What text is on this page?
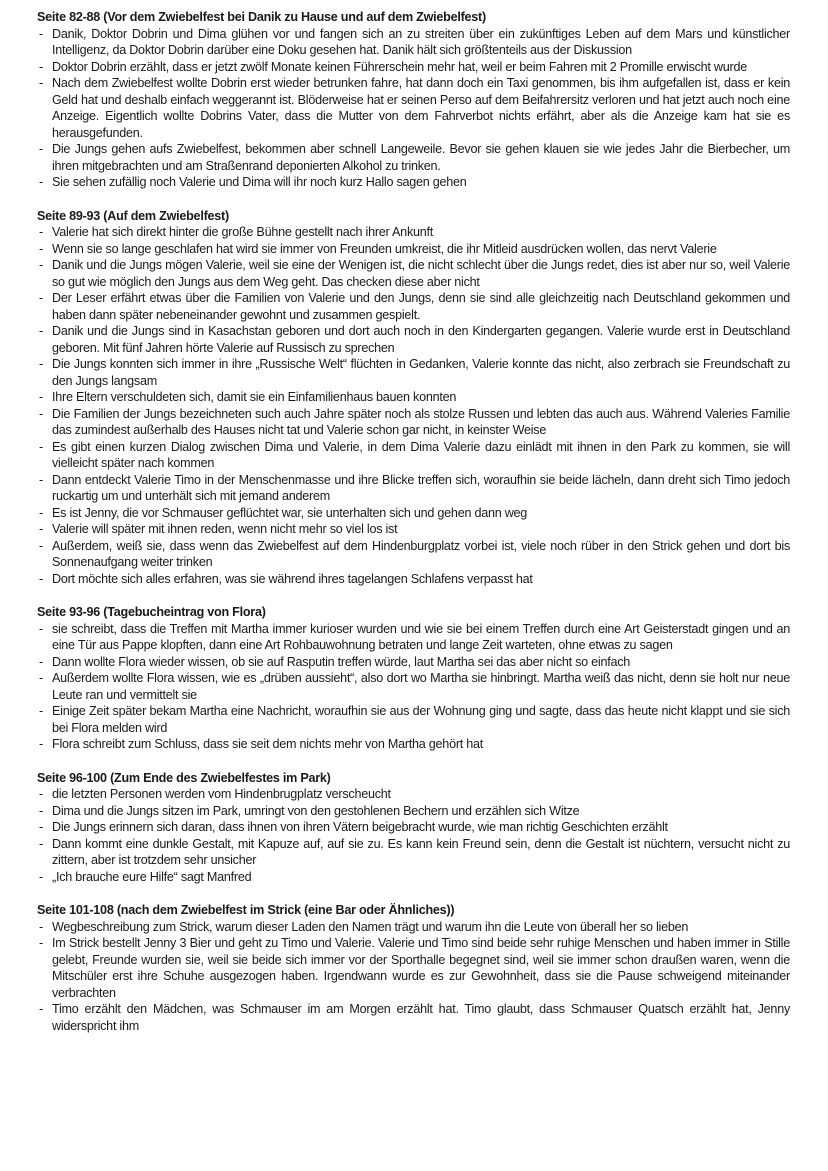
Seite 82-88 (Vor dem Zwiebelfest bei Danik zu Hause und auf dem Zwiebelfest)

- Danik, Doktor Dobrin und Dima glühen vor und fangen sich an zu streiten über ein zukünftiges Leben auf dem Mars und künstlicher Intelligenz, da Doktor Dobrin darüber eine Doku gesehen hat. Danik hält sich größtenteils aus der Diskussion
- Doktor Dobrin erzählt, dass er jetzt zwölf Monate keinen Führerschein mehr hat, weil er beim Fahren mit 2 Promille erwischt wurde
- Nach dem Zwiebelfest wollte Dobrin erst wieder betrunken fahre, hat dann doch ein Taxi genommen, bis ihm aufgefallen ist, dass er kein Geld hat und deshalb einfach weggerannt ist. Blöderweise hat er seinen Perso auf dem Beifahrersitz verloren und hat jetzt auch noch eine Anzeige. Eigentlich wollte Dobrins Vater, dass die Mutter von dem Fahrverbot nichts erfährt, aber als die Anzeige kam hat sie es herausgefunden.
- Die Jungs gehen aufs Zwiebelfest, bekommen aber schnell Langeweile. Bevor sie gehen klauen sie wie jedes Jahr die Bierbecher, um ihren mitgebrachten und am Straßenrand deponierten Alkohol zu trinken.
- Sie sehen zufällig noch Valerie und Dima will ihr noch kurz Hallo sagen gehen

Seite 89-93 (Auf dem Zwiebelfest)

- Valerie hat sich direkt hinter die große Bühne gestellt nach ihrer Ankunft
- Wenn sie so lange geschlafen hat wird sie immer von Freunden umkreist, die ihr Mitleid ausdrücken wollen, das nervt Valerie
- Danik und die Jungs mögen Valerie, weil sie eine der Wenigen ist, die nicht schlecht über die Jungs redet, dies ist aber nur so, weil Valerie so gut wie möglich den Jungs aus dem Weg geht. Das checken diese aber nicht
- Der Leser erfährt etwas über die Familien von Valerie und den Jungs, denn sie sind alle gleichzeitig nach Deutschland gekommen und haben dann später nebeneinander gewohnt und zusammen gespielt.
- Danik und die Jungs sind in Kasachstan geboren und dort auch noch in den Kindergarten gegangen. Valerie wurde erst in Deutschland geboren. Mit fünf Jahren hörte Valerie auf Russisch zu sprechen
- Die Jungs konnten sich immer in ihre „Russische Welt“ flüchten in Gedanken, Valerie konnte das nicht, also zerbrach sie Freundschaft zu den Jungs langsam
- Ihre Eltern verschuldeten sich, damit sie ein Einfamilienhaus bauen konnten
- Die Familien der Jungs bezeichneten such auch Jahre später noch als stolze Russen und lebten das auch aus. Während Valeries Familie das zumindest außerhalb des Hauses nicht tat und Valerie schon gar nicht, in keinster Weise
- Es gibt einen kurzen Dialog zwischen Dima und Valerie, in dem Dima Valerie dazu einlädt mit ihnen in den Park zu kommen, sie will vielleicht später nach kommen
- Dann entdeckt Valerie Timo in der Menschenmasse und ihre Blicke treffen sich, woraufhin sie beide lächeln, dann dreht sich Timo jedoch ruckartig um und unterhält sich mit jemand anderem
- Es ist Jenny, die vor Schmauser geflüchtet war, sie unterhalten sich und gehen dann weg
- Valerie will später mit ihnen reden, wenn nicht mehr so viel los ist
- Außerdem, weiß sie, dass wenn das Zwiebelfest auf dem Hindenburgplatz vorbei ist, viele noch rüber in den Strick gehen und dort bis Sonnenaufgang weiter trinken
- Dort möchte sich alles erfahren, was sie während ihres tagelangen Schlafens verpasst hat

Seite 93-96 (Tagebucheintrag von Flora)

- sie schreibt, dass die Treffen mit Martha immer kurioser wurden und wie sie bei einem Treffen durch eine Art Geisterstadt gingen und an eine Tür aus Pappe klopften, dann eine Art Rohbauwohnung betraten und lange Zeit warteten, ohne etwas zu sagen
- Dann wollte Flora wieder wissen, ob sie auf Rasputin treffen würde, laut Martha sei das aber nicht so einfach
- Außerdem wollte Flora wissen, wie es „drüben aussieht“, also dort wo Martha sie hinbringt. Martha weiß das nicht, denn sie holt nur neue Leute ran und vermittelt sie
- Einige Zeit später bekam Martha eine Nachricht, woraufhin sie aus der Wohnung ging und sagte, dass das heute nicht klappt und sie sich bei Flora melden wird
- Flora schreibt zum Schluss, dass sie seit dem nichts mehr von Martha gehört hat

Seite 96-100 (Zum Ende des Zwiebelfestes im Park)

- die letzten Personen werden vom Hindenbrugplatz verscheucht
- Dima und die Jungs sitzen im Park, umringt von den gestohlenen Bechern und erzählen sich Witze
- Die Jungs erinnern sich daran, dass ihnen von ihren Vätern beigebracht wurde, wie man richtig Geschichten erzählt
- Dann kommt eine dunkle Gestalt, mit Kapuze auf, auf sie zu. Es kann kein Freund sein, denn die Gestalt ist nüchtern, versucht nicht zu zittern, aber ist trotzdem sehr unsicher
- „Ich brauche eure Hilfe“ sagt Manfred

Seite 101-108 (nach dem Zwiebelfest im Strick (eine Bar oder Ähnliches))

- Wegbeschreibung zum Strick, warum dieser Laden den Namen trägt und warum ihn die Leute von überall her so lieben
- Im Strick bestellt Jenny 3 Bier und geht zu Timo und Valerie. Valerie und Timo sind beide sehr ruhige Menschen und haben immer in Stille gelebt, Freunde wurden sie, weil sie beide sich immer vor der Sporthalle begegnet sind, weil sie immer schon draußen waren, wenn die Mitschüler erst ihre Schuhe ausgezogen haben. Irgendwann wurde es zur Gewohnheit, dass sie die Pause schweigend miteinander verbrachten
- Timo erzählt den Mädchen, was Schmauser im am Morgen erzählt hat. Timo glaubt, dass Schmauser Quatsch erzählt hat, Jenny widerspricht ihm
